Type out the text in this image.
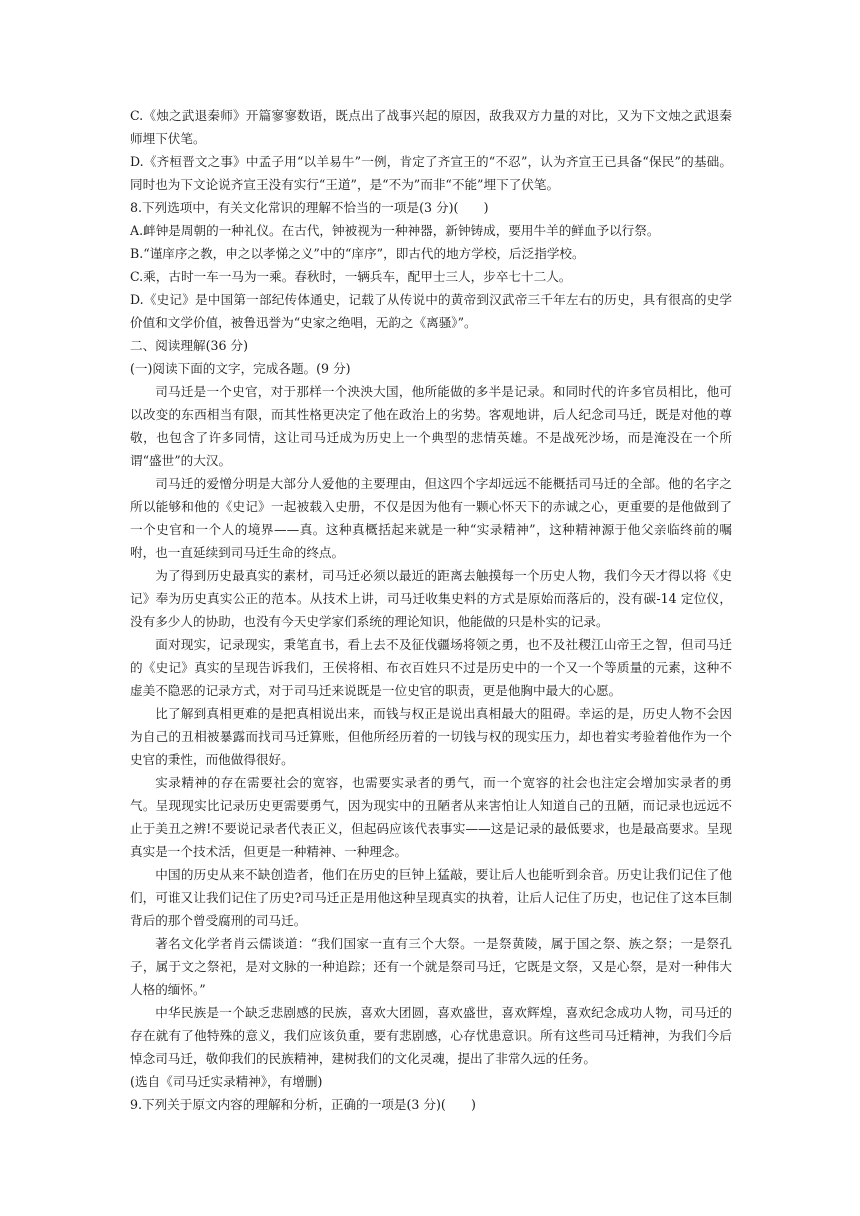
C.《烛之武退秦师》开篇寥寥数语，既点出了战事兴起的原因，敌我双方力量的对比，又为下文烛之武退秦师埋下伏笔。

D.《齐桓晋文之事》中孟子用“以羊易牛”一例，肯定了齐宣王的“不忍”，认为齐宣王已具备“保民”的基础。同时也为下文论说齐宣王没有实行“王道”，是“不为”而非“不能”埋下了伏笔。

8.下列选项中，有关文化常识的理解不恰当的一项是(3 分)(　　)

A.衅钟是周朝的一种礼仪。在古代，钟被视为一种神器，新钟铸成，要用牛羊的鲜血予以行祭。

B.“谨庠序之教，申之以孝悌之义”中的“庠序”，即古代的地方学校，后泛指学校。

C.乘，古时一车一马为一乘。春秋时，一辆兵车，配甲士三人，步卒七十二人。

D.《史记》是中国第一部纪传体通史，记载了从传说中的黄帝到汉武帝三千年左右的历史，具有很高的史学价值和文学价值，被鲁迅誉为“史家之绝唱，无韵之《离骚》”。

二、阅读理解(36 分)

(一)阅读下面的文字，完成各题。(9 分)

司马迁是一个史官，对于那样一个泱泱大国，他所能做的多半是记录。和同时代的许多官员相比，他可以改变的东西相当有限，而其性格更决定了他在政治上的劣势。客观地讲，后人纪念司马迁，既是对他的尊敬，也包含了许多同情，这让司马迁成为历史上一个典型的悲情英雄。不是战死沙场，而是淹没在一个所谓“盛世”的大汉。

司马迁的爱憎分明是大部分人爱他的主要理由，但这四个字却远远不能概括司马迁的全部。他的名字之所以能够和他的《史记》一起被载入史册，不仅是因为他有一颗心怀天下的赤诚之心，更重要的是他做到了一个史官和一个人的境界——真。这种真概括起来就是一种“实录精神”，这种精神源于他父亲临终前的嘱咐，也一直延续到司马迁生命的终点。

为了得到历史最真实的素材，司马迁必须以最近的距离去触摸每一个历史人物，我们今天才得以将《史记》奉为历史真实公正的范本。从技术上讲，司马迁收集史料的方式是原始而落后的，没有碳-14 定位仪，没有多少人的协助，也没有今天史学家们系统的理论知识，他能做的只是朴实的记录。

面对现实，记录现实，秉笔直书，看上去不及征伐疆场将领之勇，也不及社稷江山帝王之智，但司马迁的《史记》真实的呈现告诉我们，王侯将相、布衣百姓只不过是历史中的一个又一个等质量的元素，这种不虚美不隐恶的记录方式，对于司马迁来说既是一位史官的职责，更是他胸中最大的心愿。

比了解到真相更难的是把真相说出来，而钱与权正是说出真相最大的阻碍。幸运的是，历史人物不会因为自己的丑相被暴露而找司马迁算账，但他所经历着的一切钱与权的现实压力，却也着实考验着他作为一个史官的秉性，而他做得很好。

实录精神的存在需要社会的宽容，也需要实录者的勇气，而一个宽容的社会也注定会增加实录者的勇气。呈现现实比记录历史更需要勇气，因为现实中的丑陋者从来害怕让人知道自己的丑陋，而记录也远远不止于美丑之辨!不要说记录者代表正义，但起码应该代表事实——这是记录的最低要求，也是最高要求。呈现真实是一个技术活，但更是一种精神、一种理念。

中国的历史从来不缺创造者，他们在历史的巨钟上猛敲，要让后人也能听到余音。历史让我们记住了他们，可谁又让我们记住了历史?司马迁正是用他这种呈现真实的执着，让后人记住了历史，也记住了这本巨制背后的那个曾受腐刑的司马迁。

著名文化学者肖云儒谈道：“我们国家一直有三个大祭。一是祭黄陵，属于国之祭、族之祭；一是祭孔子，属于文之祭祀，是对文脉的一种追踪；还有一个就是祭司马迁，它既是文祭，又是心祭，是对一种伟大人格的缅怀。”

中华民族是一个缺乏悲剧感的民族，喜欢大团圆，喜欢盛世，喜欢辉煌，喜欢纪念成功人物，司马迁的存在就有了他特殊的意义，我们应该负重，要有悲剧感，心存忧患意识。所有这些司马迁精神，为我们今后悼念司马迁，敬仰我们的民族精神，建树我们的文化灵魂，提出了非常久远的任务。

(选自《司马迁实录精神》，有增删)

9.下列关于原文内容的理解和分析，正确的一项是(3 分)(　　)
